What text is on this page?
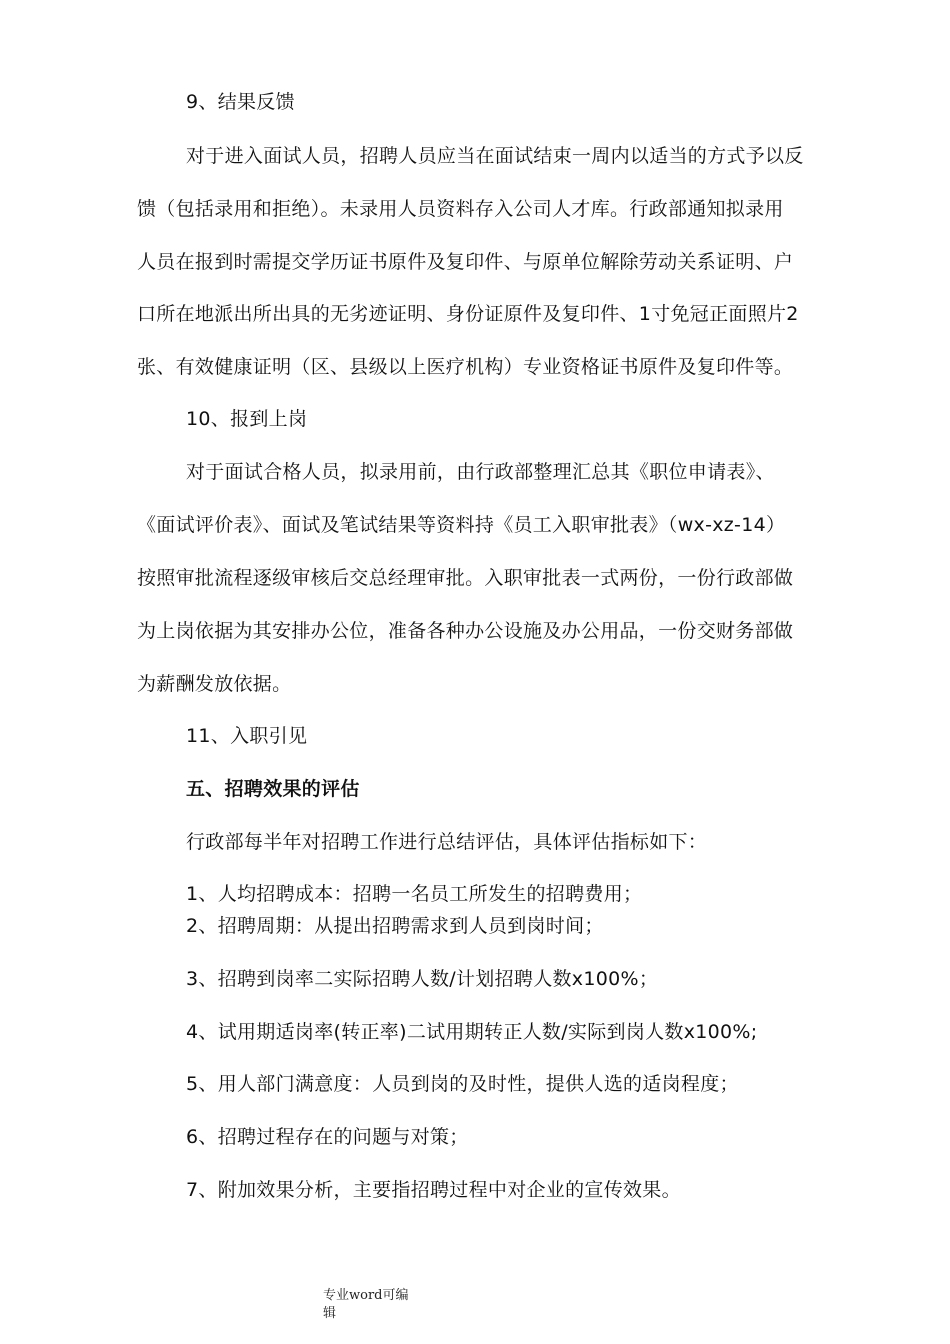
9、结果反馈
对于进入面试人员，招聘人员应当在面试结束一周内以适当的方式予以反
馈（包括录用和拒绝）。未录用人员资料存入公司人才库。行政部通知拟录用
人员在报到时需提交学历证书原件及复印件、与原单位解除劳动关系证明、户
口所在地派出所出具的无劣迹证明、身份证原件及复印件、1寸免冠正面照片2
张、有效健康证明（区、县级以上医疗机构）专业资格证书原件及复印件等。
10、报到上岗
对于面试合格人员，拟录用前，由行政部整理汇总其《职位申请表》、
《面试评价表》、面试及笔试结果等资料持《员工入职审批表》（wx-xz-14）
按照审批流程逐级审核后交总经理审批。入职审批表一式两份，一份行政部做
为上岗依据为其安排办公位，准备各种办公设施及办公用品，一份交财务部做
为薪酬发放依据。
11、入职引见
五、招聘效果的评估
行政部每半年对招聘工作进行总结评估，具体评估指标如下：
1、人均招聘成本：招聘一名员工所发生的招聘费用；
2、招聘周期：从提出招聘需求到人员到岗时间；
3、招聘到岗率二实际招聘人数/计划招聘人数x100%；
4、试用期适岗率(转正率)二试用期转正人数/实际到岗人数x100%;
5、用人部门满意度：人员到岗的及时性，提供人选的适岗程度；
6、招聘过程存在的问题与对策；
7、附加效果分析，主要指招聘过程中对企业的宣传效果。
专业word可编
辑
